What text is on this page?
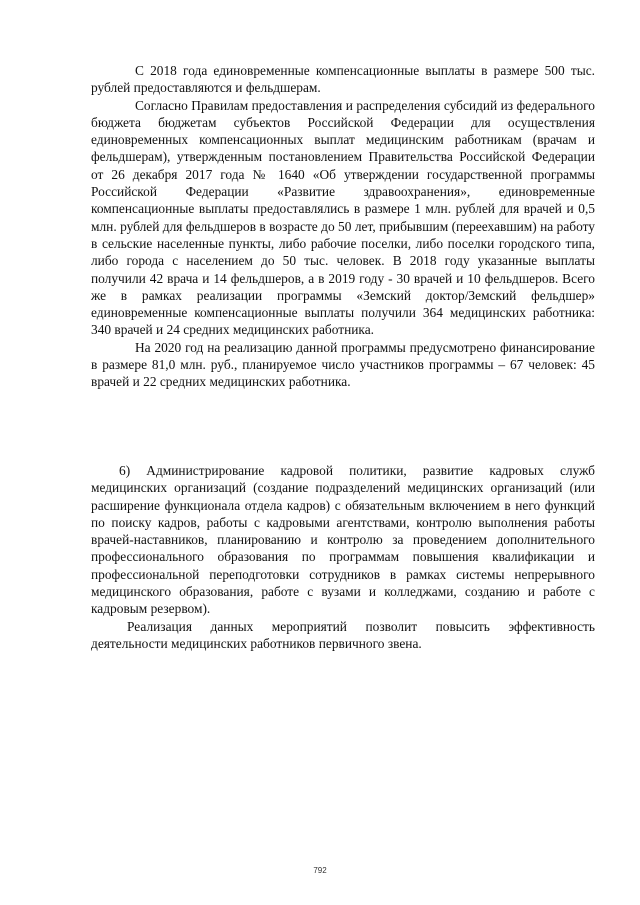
С 2018 года единовременные компенсационные выплаты в размере 500 тыс. рублей предоставляются и фельдшерам.

Согласно Правилам предоставления и распределения субсидий из федерального бюджета бюджетам субъектов Российской Федерации для осуществления единовременных компенсационных выплат медицинским работникам (врачам и фельдшерам), утвержденным постановлением Правительства Российской Федерации от 26 декабря 2017 года № 1640 «Об утверждении государственной программы Российской Федерации «Развитие здравоохранения», единовременные компенсационные выплаты предоставлялись в размере 1 млн. рублей для врачей и 0,5 млн. рублей для фельдшеров в возрасте до 50 лет, прибывшим (переехавшим) на работу в сельские населенные пункты, либо рабочие поселки, либо поселки городского типа, либо города с населением до 50 тыс. человек. В 2018 году указанные выплаты получили 42 врача и 14 фельдшеров, а в 2019 году - 30 врачей и 10 фельдшеров. Всего же в рамках реализации программы «Земский доктор/Земский фельдшер» единовременные компенсационные выплаты получили 364 медицинских работника: 340 врачей и 24 средних медицинских работника.

На 2020 год на реализацию данной программы предусмотрено финансирование в размере 81,0 млн. руб., планируемое число участников программы – 67 человек: 45 врачей и 22 средних медицинских работника.

6) Администрирование кадровой политики, развитие кадровых служб медицинских организаций (создание подразделений медицинских организаций (или расширение функционала отдела кадров) с обязательным включением в него функций по поиску кадров, работы с кадровыми агентствами, контролю выполнения работы врачей-наставников, планированию и контролю за проведением дополнительного профессионального образования по программам повышения квалификации и профессиональной переподготовки сотрудников в рамках системы непрерывного медицинского образования, работе с вузами и колледжами, созданию и работе с кадровым резервом).

Реализация данных мероприятий позволит повысить эффективность деятельности медицинских работников первичного звена.

792
